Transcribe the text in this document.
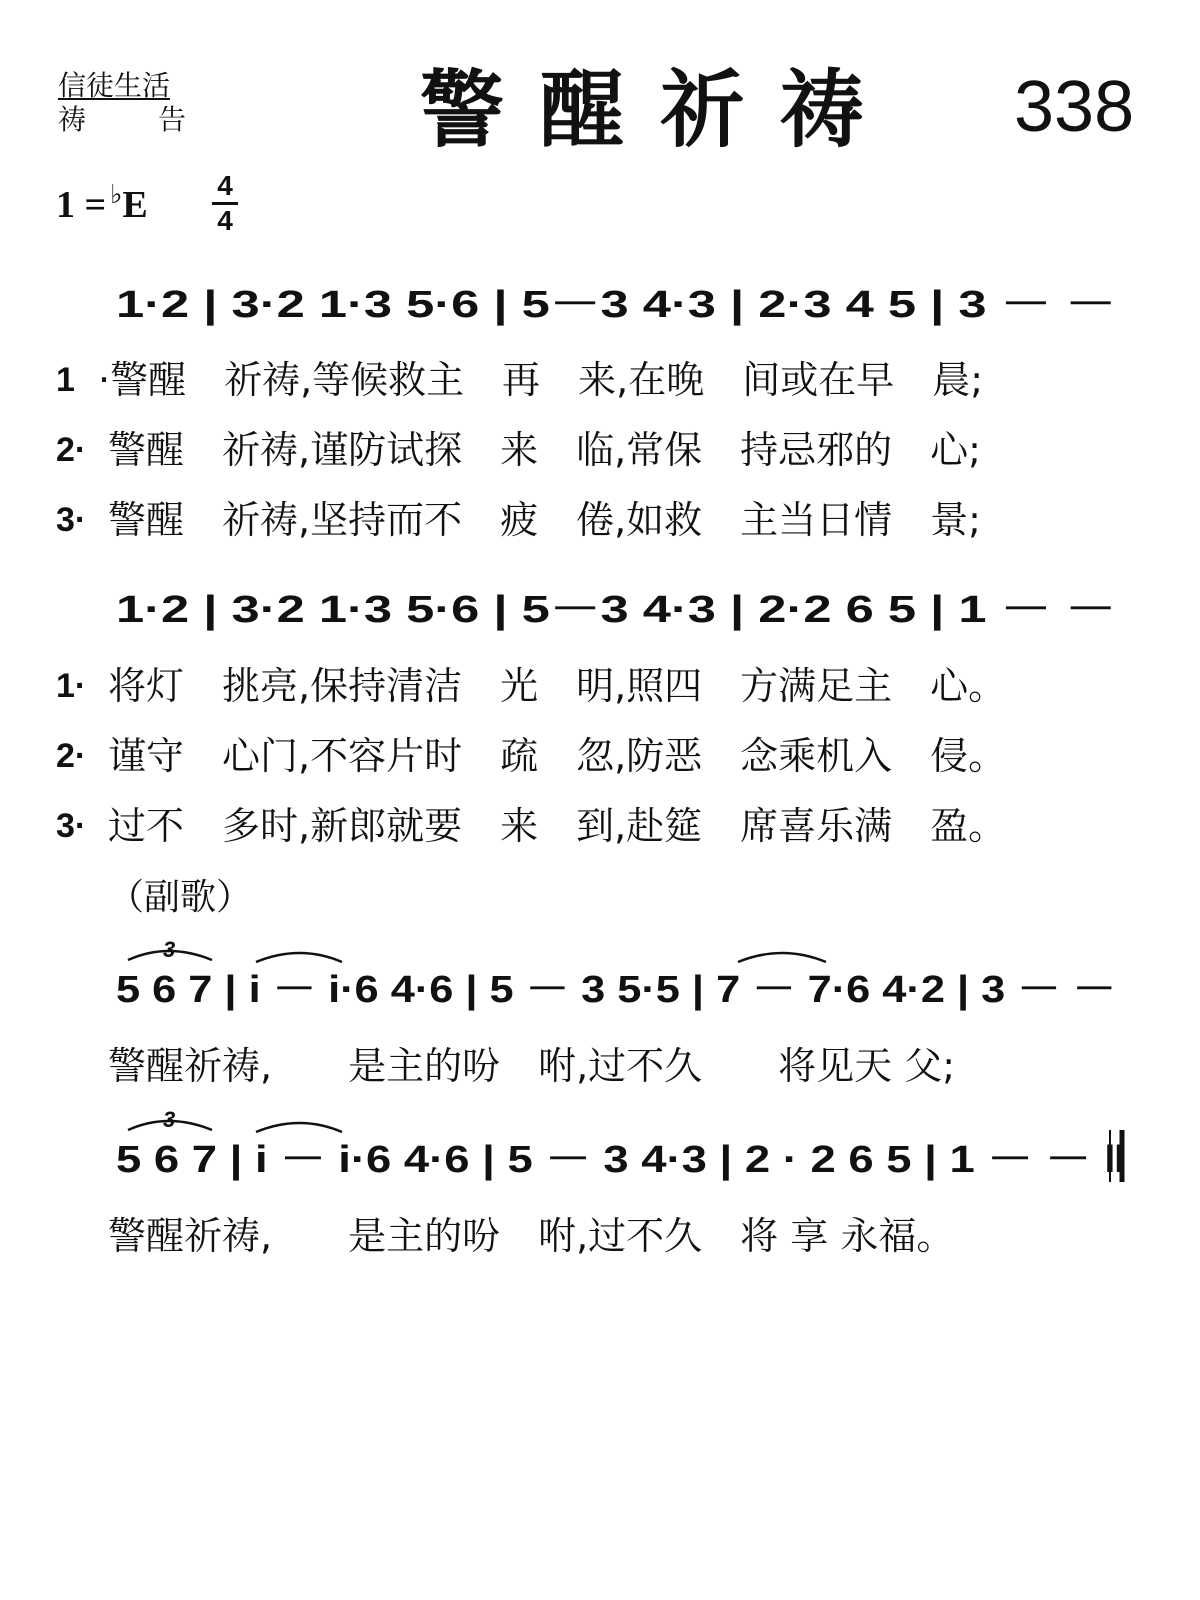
信徒生活
祷	告	警醒祈祷 338
1 = ♭E 4
4
1·2 | 3·2 1·3 5·6 | 5－3 4·3 | 2·3 4 5 | 3 － －
1·2 | 3·2 1·3 5·6 | 5－3 4·3 | 2·2 6 5 | 1 － －
5 6 7 | i － i·6 4·6 | 5 － 3 5·5 | 7 － 7·6 4·2 | 3 － －
5 6 7 | i － i·6 4·6 | 5 － 3 4·3 | 2 · 2 6 5 | 1 － － ‖
3
3
1 ·警醒　祈祷,等候救主　再　来,在晚　间或在早　晨;
2· 警醒　祈祷,谨防试探　来　临,常保　持忌邪的　心;
3· 警醒　祈祷,坚持而不　疲　倦,如救　主当日情　景;
1· 将灯　挑亮,保持清洁　光　明,照四　方满足主　心。
2· 谨守　心门,不容片时　疏　忽,防恶　念乘机入　侵。
3· 过不　多时,新郎就要　来　到,赴筵　席喜乐满　盈。
（副歌）
警醒祈祷,　　是主的吩　咐,过不久　　将见天 父;
警醒祈祷,　　是主的吩　咐,过不久　将 享 永福。
